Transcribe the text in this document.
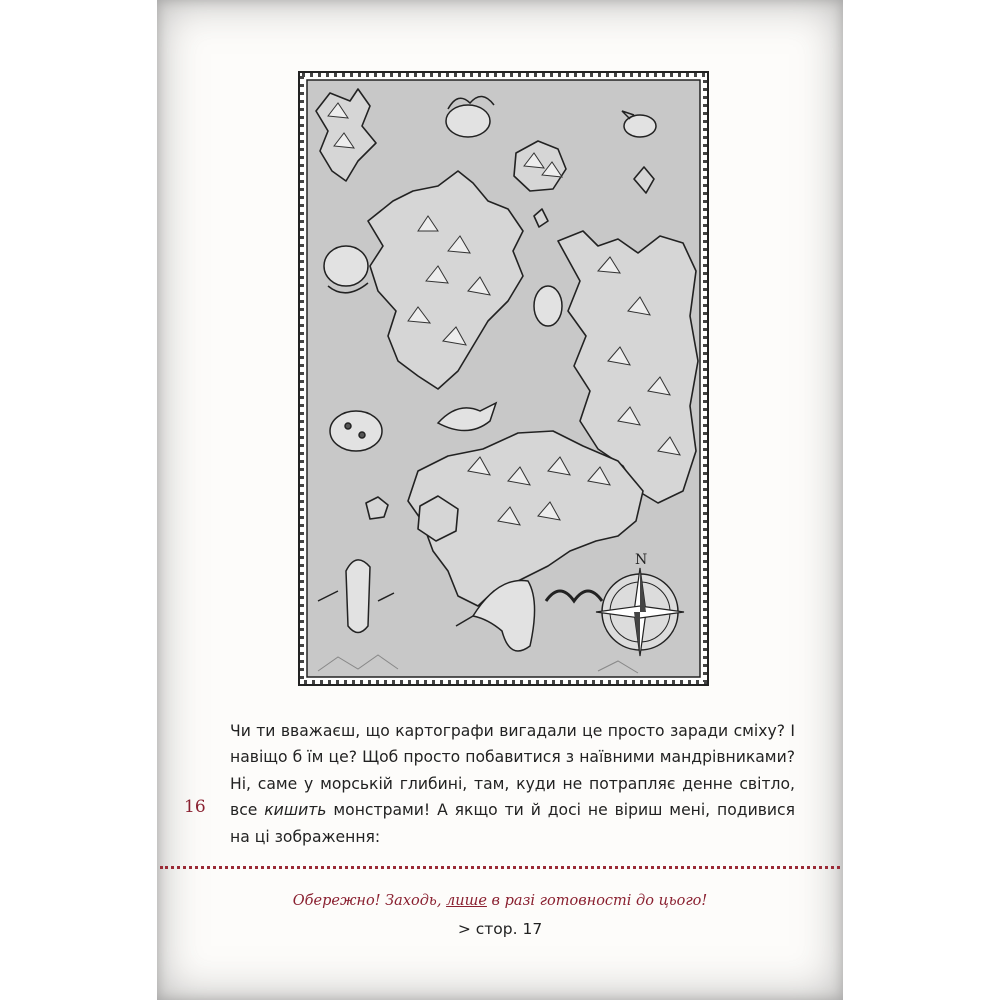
N
16

Чи ти вважаєш, що картографи вигадали це просто заради сміху? І навіщо б їм це? Щоб просто побавитися з наївними мандрівниками? Ні, саме у морській глибині, там, куди не потрапляє денне світло, все кишить монстрами! А якщо ти й досі не віриш мені, подивися на ці зображення:

Обережно! Заходь, лише в разі готовності до цього!
> стор. 17
